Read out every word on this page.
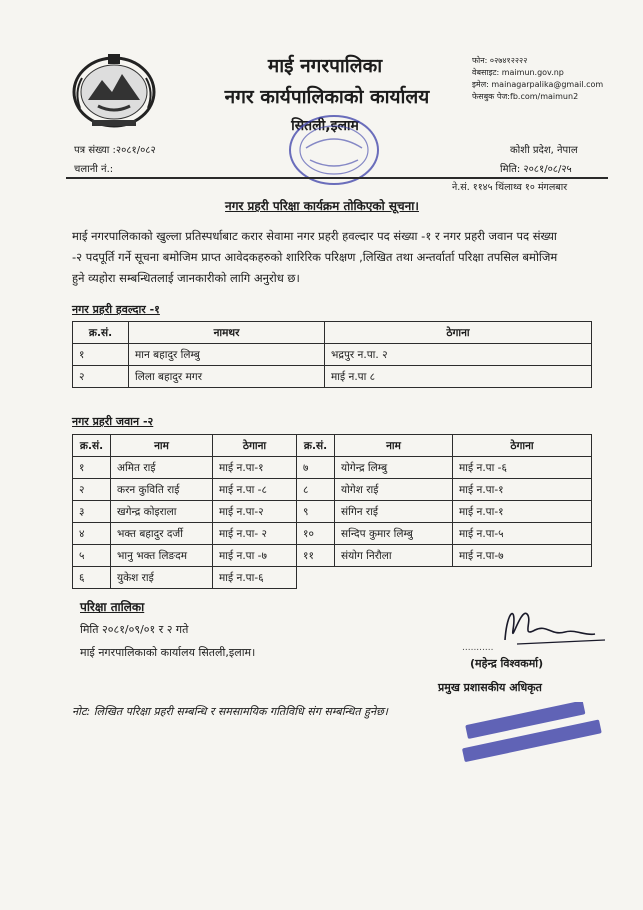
माई नगरपालिका
नगर कार्यपालिकाको कार्यालय
सितली,इलाम
फोन: ०२७४१२२२२
वेबसाइट: maimun.gov.np
इमेल: mainagarpalika@gmail.com
फेसबुक पेज:fb.com/maimun2
पत्र संख्या :२०८१/०८२
चलानी नं.:
कोशी प्रदेश, नेपाल
मिति: २०८१/०८/२५
ने.सं. ११४५ थिंलाथ्व १० मंगलबार
नगर प्रहरी परिक्षा कार्यक्रम तोकिएको सूचना।
माई नगरपालिकाको खुल्ला प्रतिस्पर्धाबाट करार सेवामा नगर प्रहरी हवल्दार पद संख्या -१ र नगर प्रहरी जवान पद संख्या
-२ पदपूर्ति गर्ने सूचना बमोजिम प्राप्त आवेदकहरुको शारिरिक परिक्षण ,लिखित तथा अन्तर्वार्ता परिक्षा तपसिल बमोजिम
हुने व्यहोरा सम्बन्धितलाई जानकारीको लागि अनुरोध छ।
नगर प्रहरी हवल्दार -१
क्र.सं.	नामथर	ठेगाना
१	मान बहादुर लिम्बु	भद्रपुर न.पा. २
२	लिला बहादुर मगर	माई न.पा ८
नगर प्रहरी जवान -२
क्र.सं.	नाम	ठेगाना	क्र.सं.	नाम	ठेगाना
१	अमित राई	माई न.पा-१	७	योगेन्द्र लिम्बु	माई न.पा -६
२	करन कुविति राई	माई न.पा -८	८	योगेश राई	माई न.पा-१
३	खगेन्द्र कोइराला	माई न.पा-२	९	संगिन राई	माई न.पा-१
४	भक्त बहादुर दर्जी	माई न.पा- २	१०	सन्दिप कुमार लिम्बु	माई न.पा-५
५	भानु भक्त लिङदम	माई न.पा -७	११	संयोग निरौला	माई न.पा-७
६	युकेश राई	माई न.पा-६			
परिक्षा तालिका
मिति २०८१/०९/०१ र २ गते
माई नगरपालिकाको कार्यालय सितली,इलाम।	...........
(महेन्द्र विश्वकर्मा)
प्रमुख प्रशासकीय अधिकृत
नोट: लिखित परिक्षा प्रहरी सम्बन्धि र समसामयिक गतिविधि संग सम्बन्धित हुनेछ।
